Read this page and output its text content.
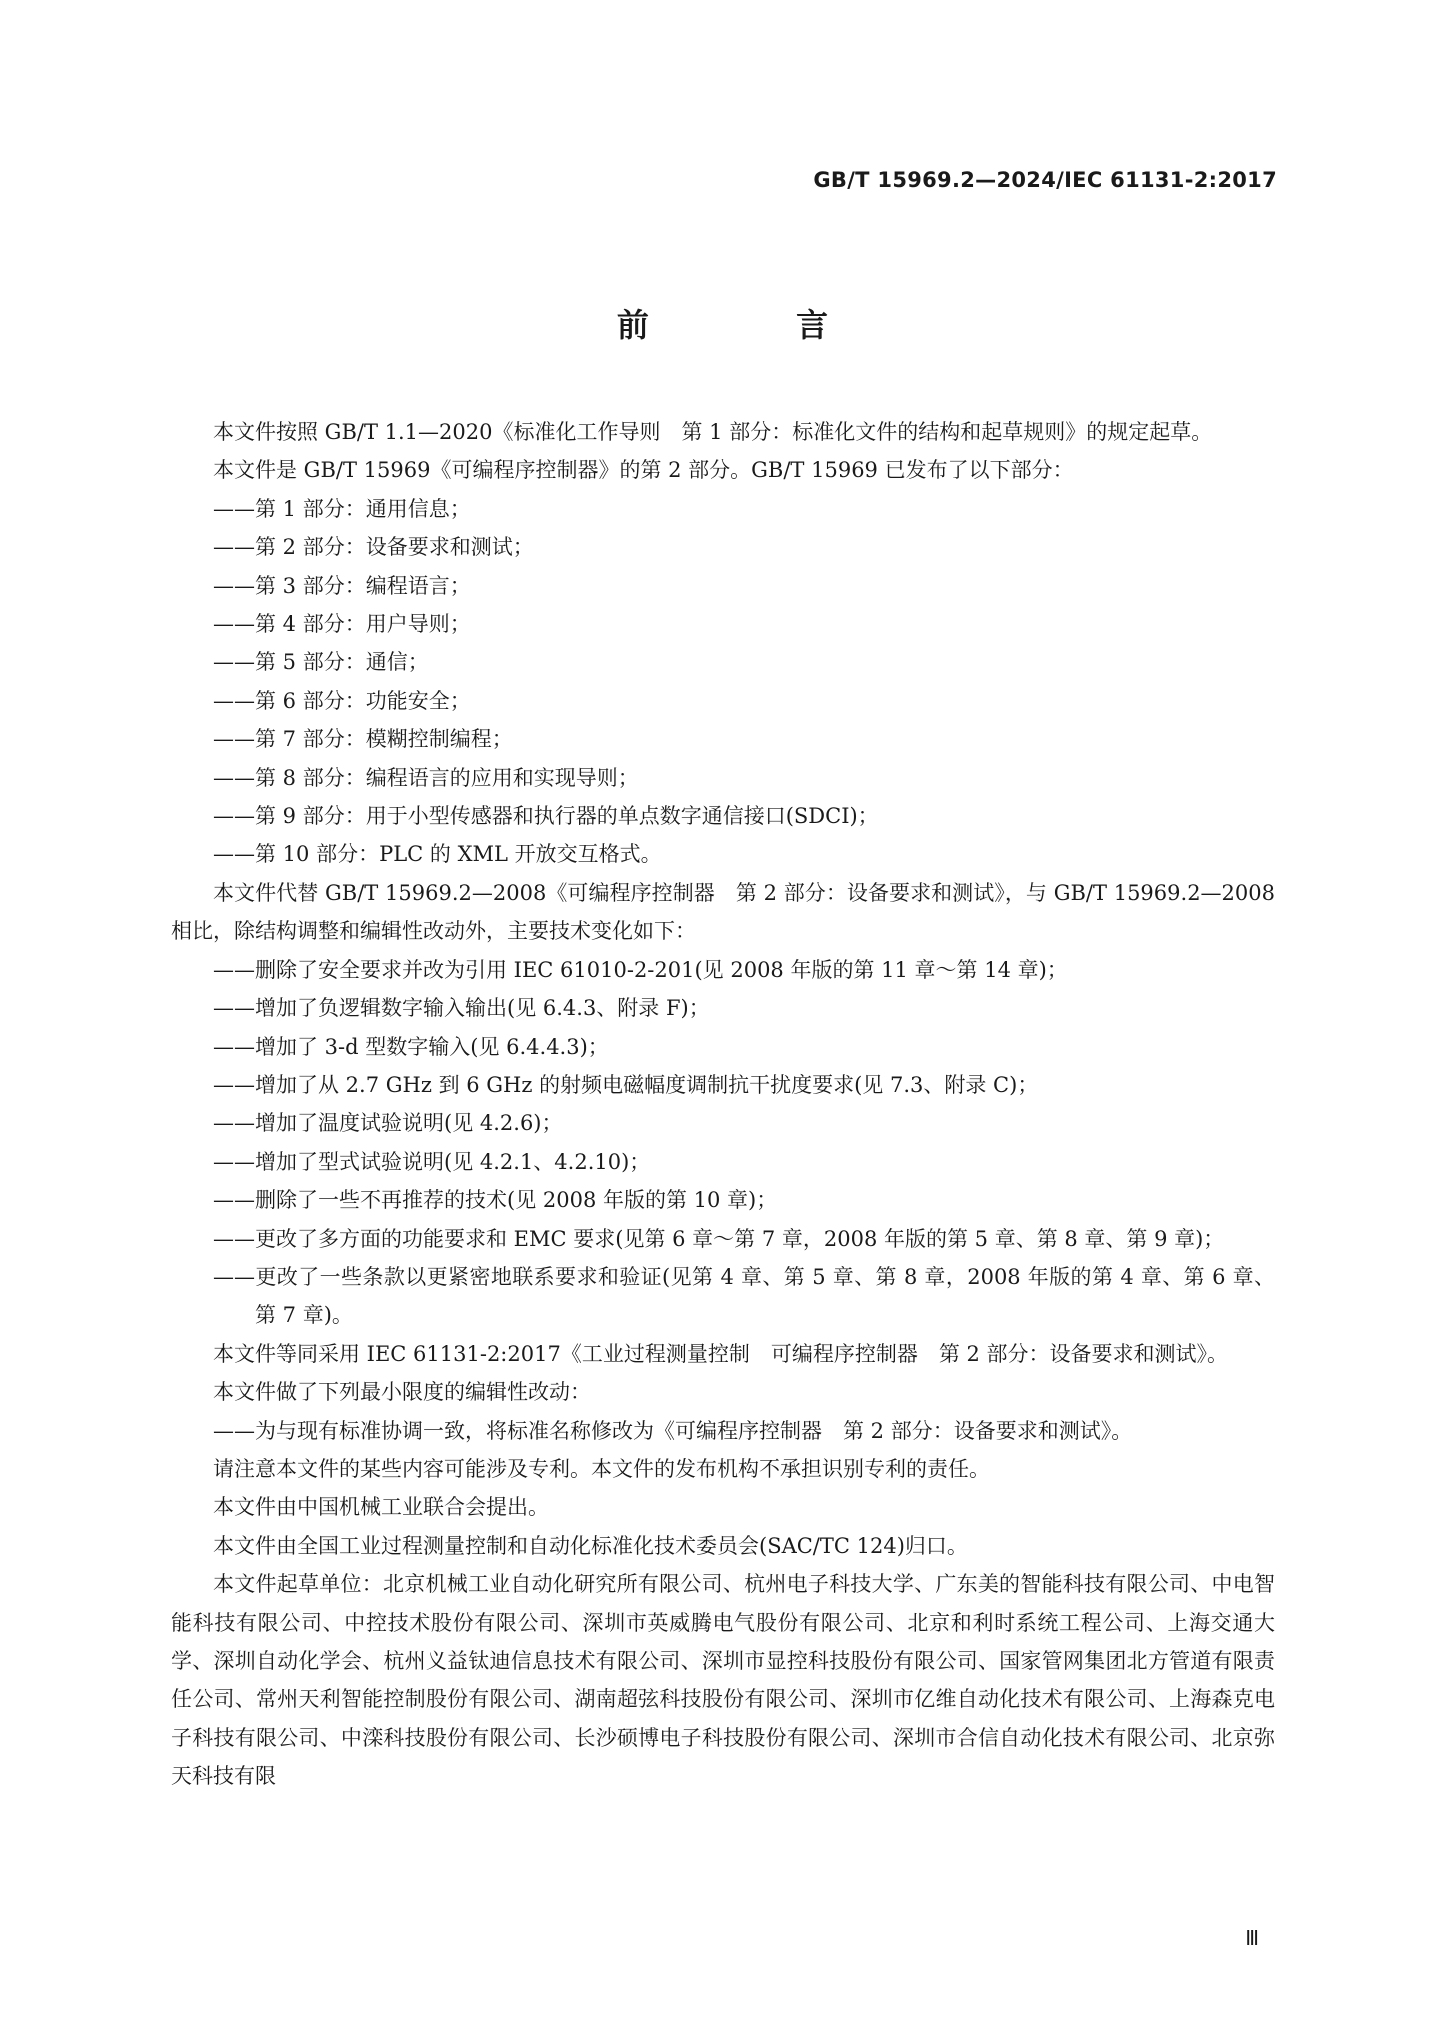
GB/T 15969.2—2024/IEC 61131-2:2017
前 言

本文件按照 GB/T 1.1—2020《标准化工作导则　第 1 部分：标准化文件的结构和起草规则》的规定起草。

本文件是 GB/T 15969《可编程序控制器》的第 2 部分。GB/T 15969 已发布了以下部分：

——第 1 部分：通用信息；

——第 2 部分：设备要求和测试；

——第 3 部分：编程语言；

——第 4 部分：用户导则；

——第 5 部分：通信；

——第 6 部分：功能安全；

——第 7 部分：模糊控制编程；

——第 8 部分：编程语言的应用和实现导则；

——第 9 部分：用于小型传感器和执行器的单点数字通信接口(SDCI)；

——第 10 部分：PLC 的 XML 开放交互格式。

本文件代替 GB/T 15969.2—2008《可编程序控制器　第 2 部分：设备要求和测试》，与 GB/T 15969.2—2008 相比，除结构调整和编辑性改动外，主要技术变化如下：

——删除了安全要求并改为引用 IEC 61010-2-201(见 2008 年版的第 11 章～第 14 章)；

——增加了负逻辑数字输入输出(见 6.4.3、附录 F)；

——增加了 3-d 型数字输入(见 6.4.4.3)；

——增加了从 2.7 GHz 到 6 GHz 的射频电磁幅度调制抗干扰度要求(见 7.3、附录 C)；

——增加了温度试验说明(见 4.2.6)；

——增加了型式试验说明(见 4.2.1、4.2.10)；

——删除了一些不再推荐的技术(见 2008 年版的第 10 章)；

——更改了多方面的功能要求和 EMC 要求(见第 6 章～第 7 章，2008 年版的第 5 章、第 8 章、第 9 章)；

——更改了一些条款以更紧密地联系要求和验证(见第 4 章、第 5 章、第 8 章，2008 年版的第 4 章、第 6 章、第 7 章)。

本文件等同采用 IEC 61131-2:2017《工业过程测量控制　可编程序控制器　第 2 部分：设备要求和测试》。

本文件做了下列最小限度的编辑性改动：

——为与现有标准协调一致，将标准名称修改为《可编程序控制器　第 2 部分：设备要求和测试》。

请注意本文件的某些内容可能涉及专利。本文件的发布机构不承担识别专利的责任。

本文件由中国机械工业联合会提出。

本文件由全国工业过程测量控制和自动化标准化技术委员会(SAC/TC 124)归口。

本文件起草单位：北京机械工业自动化研究所有限公司、杭州电子科技大学、广东美的智能科技有限公司、中电智能科技有限公司、中控技术股份有限公司、深圳市英威腾电气股份有限公司、北京和利时系统工程公司、上海交通大学、深圳自动化学会、杭州义益钛迪信息技术有限公司、深圳市显控科技股份有限公司、国家管网集团北方管道有限责任公司、常州天利智能控制股份有限公司、湖南超弦科技股份有限公司、深圳市亿维自动化技术有限公司、上海森克电子科技有限公司、中滦科技股份有限公司、长沙硕博电子科技股份有限公司、深圳市合信自动化技术有限公司、北京弥天科技有限

Ⅲ
